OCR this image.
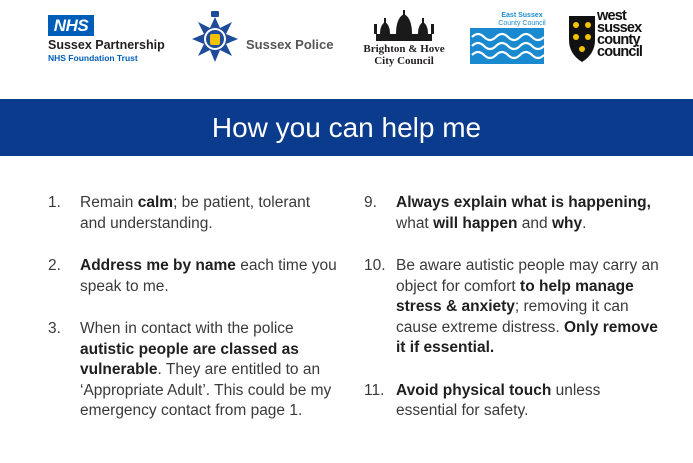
NHS
Sussex Partnership
NHS Foundation Trust
Sussex Police	Brighton & Hove
City Council
East Sussex
County Council	west
sussex
county
council
How you can help me
1. Remain calm; be patient, tolerant and understanding.
2. Address me by name each time you speak to me.
3. When in contact with the police autistic people are classed as vulnerable. They are entitled to an ‘Appropriate Adult’. This could be my emergency contact from page 1.
9. Always explain what is happening, what will happen and why.
10. Be aware autistic people may carry an object for comfort to help manage stress & anxiety; removing it can cause extreme distress. Only remove it if essential.
11. Avoid physical touch unless essential for safety.
